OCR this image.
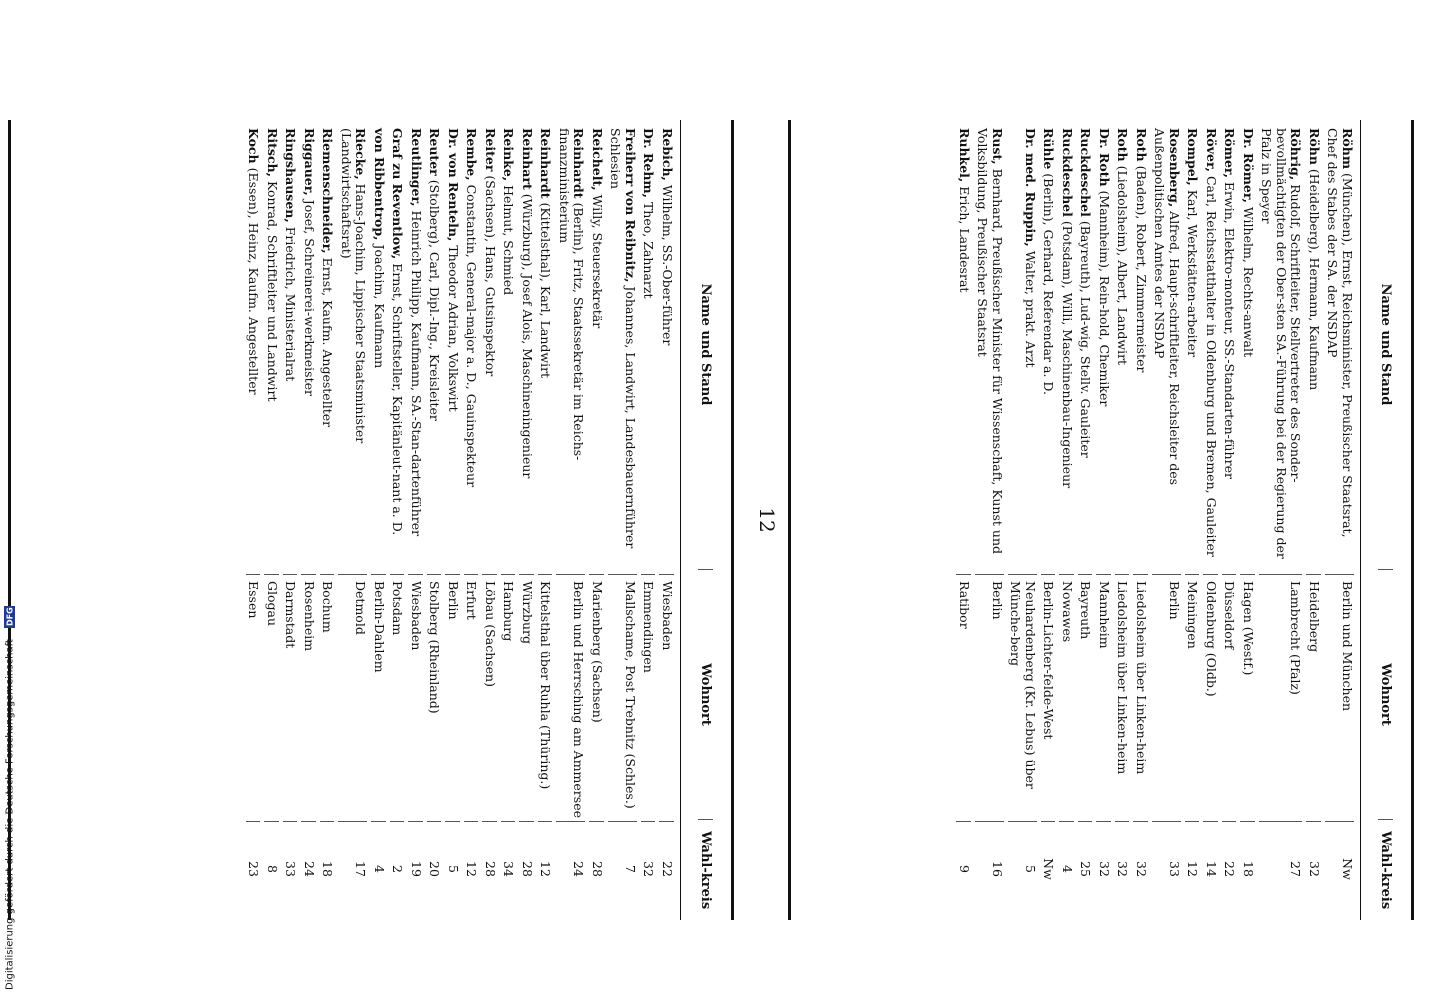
12
Name und Stand
Wohnort
Wahl-kreis
Röhm (München), Ernst, Reichsminister, Preußischer Staatsrat, Chef des Stabes der SA. der NSDAP
Berlin und München
Nw
Röhn (Heidelberg), Hermann, Kaufmann
Heidelberg
32
Röhrig, Rudolf, Schriftleiter, Stellvertreter des Sonder-bevollmächtigten der Ober-sten SA.-Führung bei der Regierung der Pfalz in Speyer
Lambrecht (Pfalz)
27
Dr. Römer, Wilhelm, Rechts-anwalt
Hagen (Westf.)
18
Römer, Erwin, Elektro-monteur, SS.-Standarten-führer
Düsseldorf
22
Röver, Carl, Reichsstatthalter in Oldenburg und Bremen, Gauleiter
Oldenburg (Oldb.)
14
Rompel, Karl, Werkstätten-arbeiter
Meiningen
12
Rosenberg, Alfred, Haupt-schriftleiter, Reichsleiter des Außenpolitischen Amtes der NSDAP
Berlin
33
Roth (Baden), Robert, Zimmermeister
Liedolsheim über Linken-heim
32
Roth (Liedolsheim), Albert, Landwirt
Liedolsheim über Linken-heim
32
Dr. Roth (Mannheim), Rein-hold, Chemiker
Mannheim
32
Ruckdeschel (Bayreuth), Lud-wig, Stellv. Gauleiter
Bayreuth
25
Ruckdeschel (Potsdam), Willi, Maschinenbau-Ingenieur
Nowawes
4
Rühle (Berlin), Gerhard, Referendar a. D.
Berlin-Lichter-felde-West
Nw
Dr. med. Ruppin, Walter, prakt. Arzt
Neuhardenberg (Kr. Lebus) über Münche-berg
5
Rust, Bernhard, Preußischer Minister für Wissenschaft, Kunst und Volksbildung, Preußischer Staatsrat
Berlin
16
Ruhkel, Erich, Landesrat
Ratibor
9
Name und Stand
Wohnort
Wahl-kreis
Rebich, Wilhelm, SS.-Ober-führer
Wiesbaden
22
Dr. Rehm, Theo, Zahnarzt
Emmendingen
32
Freiherr von Reibnitz, Johannes, Landwirt, Landesbauernführer Schlesien
Mallschame, Post Trebnitz (Schles.)
7
Reichelt, Willy, Steuersekretär
Marienberg (Sachsen)
28
Reinhardt (Berlin), Fritz, Staatssekretär im Reichs-finanzministerium
Berlin und Herrsching am Ammersee
24
Reinhardt (Kittelsthal), Karl, Landwirt
Kittelsthal über Ruhla (Thüring.)
12
Reinhart (Würzburg), Josef Alois, Maschineningenieur
Würzburg
28
Reinke, Helmut, Schmied
Hamburg
34
Reiter (Sachsen), Hans, Gutsinspektor
Löbau (Sachsen)
28
Rembe, Constantin, General-major a. D., Gauinspekteur
Erfurt
12
Dr. von Renteln, Theodor Adrian, Volkswirt
Berlin
5
Reuter (Stolberg), Carl, Dipl.-Ing., Kreisleiter
Stolberg (Rheinland)
20
Reutlinger, Heinrich Philipp, Kaufmann, SA.-Stan-dartenführer
Wiesbaden
19
Graf zu Reventlow, Ernst, Schriftsteller, Kapitänleut-nant a. D.
Potsdam
2
von Ribbentrop, Joachim, Kaufmann
Berlin-Dahlem
4
Riecke, Hans-Joachim, Lippischer Staatsminister (Landwirtschaftsrat)
Detmold
17
Riemenschneider, Ernst, Kaufm. Angestellter
Bochum
18
Riggauer, Josef, Schreinerei-werkmeister
Rosenheim
24
Ringshausen, Friedrich, Ministerialrat
Darmstadt
33
Ritsch, Konrad, Schriftleiter und Landwirt
Glogau
8
Koch (Essen), Heinz, Kaufm. Angestellter
Essen
23
Digitalisierung gefördert durch die Deutsche Forschungsgemeinschaft -
DFG
